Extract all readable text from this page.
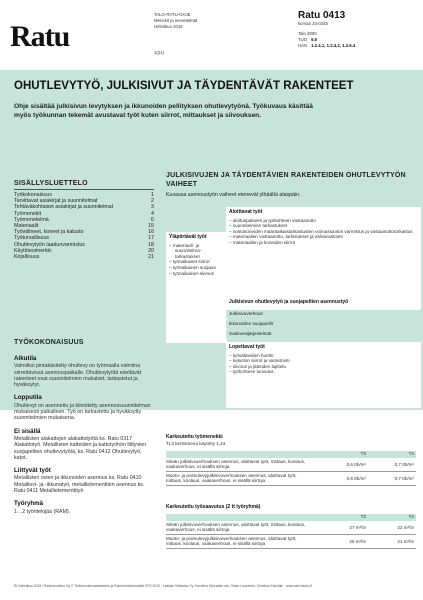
Ratu
TALO-RATU-OHJE
Menekit ja menetelmät
Helmikuu 2015
1(21)
Ratu 0413
korvaa 34-0245
Talo 2000
TUO	6.5
HAN	1.2.4.1, 1.2.4.2, 1.2.6.4
OHUTLEVYTYÖ, JULKISIVUT JA TÄYDENTÄVÄT RAKENTEET
Ohje sisältää julkisivun levytyksen ja ikkunoiden pellityksen ohutlevytyönä. Työkuvaus käsittää myös työkunnan tekemät avustavat työt kuten siirrot, mittaukset ja siivouksen.
SISÄLLYSLUETTELO
Työkokonaisuus	1
Tarvittavat asiakirjat ja suunnitelmat	2
Tehtäväkohtaiset asiakirjat ja suunnitelmat	3
Työmenekit	4
Työmenetelmä	6
Materiaalit	15
Työvälineet, koneet ja kalusto	16
Työturvallisuus	17
Ohutlevytyön laadunvarmistus	18
Käyttöesimerkki	20
Kirjallisuus	21
JULKISIVUJEN JA TÄYDENTÄVIEN RAKENTEIDEN OHUTLEVYTYÖN VAIHEET
Kuvassa asennustyön vaiheet etenevät ylhäältä alaspäin.
Yläpiirtävät työt
– materiaali- ja suunnitelma-tarkastukset
– työnaikaiset siirrot
– työnaikainen suojaus
– työnaikainen siivous
Aloittavat työt
– aloituspalaveri ja työkohteen vastaanotto
– suunnitelmien tarkastukset
– nostokoneiden määräaikaistarkastusten voimassaolon varmistus ja vastaanottotarkastus
– materiaalien vastaanotto, tarkistukset ja välivarastointi
– materiaalien ja koneiden siirrot
Julkisivun ohutlevytyö ja suojapeltien asennustyö
Julkisivuverhous
Ikkunoiden suojapellit
Sadevesijärjestelmät
Lopettavat työt
– työvälineiden huolto
– kaluston siirrot ja varastointi
– siivous ja jätteiden lajittelu
– työkohteen luovutus
TYÖKOKONAISUUS
Alkutila

Valmiiksi pintakäsitelty ohutlevy on työmaalla valmiina siirrettävissä asennuspaikalle. Ohutlevytyötä edeltävät rakenteet ovat suunnitelmien mukaiset, tarkastetut ja hyväksytyt.

Lopputila

Ohutlevyt on asennettu ja kiinnitetty asennussuunnitelman mukaisesti paikalleen. Työ on tarkastettu ja hyväksytty suunnitelmien mukaisena.

Ei sisällä

Metallisten alakattojen alakattotyötä ks. Ratu 0317 Alakattotyö. Metallisten katteiden ja kattotyöhön liittyvien suojapeltien ohutlevytyötä, ks. Ratu 0412 Ohutlevytyö, katot.

Liittyvät työt

Metallisten ovien ja ikkunoiden asennus ks. Ratu 0410 Metalliovi- ja -ikkunatyö, metallielementtien asennus ks. Ratu 0411 Metallielementtityö

Työryhmä

1…2 työntekijää (RAM).

Karkeutettu työmenekki
TL3 kertoimena käytetty 1,24.
T3	T4
Sileän julkisivuverhouksen asennus, aloittavat työt, mittaus, koolaus, vaakaverhous, ei sisällä siirtoja
0,6 tth/m²	0,7 tth/m²
Muoto- ja poimulevyjulkisivuverhouksen asennus, aloittavat työt, mittaus, koolaus, vaakaverhous, ei sisällä siirtoja
0,6 tth/m²	0,7 tth/m²
Karkeutettu työsaavutus (2 tt työryhmä)
T3	T4
Sileän julkisivuverhouksen asennus, aloittavat työt, mittaus, koolaus, vaakaverhous, ei sisällä siirtoja
27 m²/tv	22 m²/tv
Muoto- ja poimulevyjulkisivuverhouksen asennus, aloittavat työt, mittaus, koolaus, vaakaverhous, ei sisällä siirtoja
26 m²/tv	21 m²/tv
RL/Helmikuu 2015 / Rakennustieto Oy © Tietoinnolarvaasuttavien ja Rakennustietosäätiö RTS 2015 · Laatijat: Mittaviva Oy, Karoliina Kilovalder ota, Oskar Lantomen, Christian Kisimäki · www.ratu-haeku.fi
